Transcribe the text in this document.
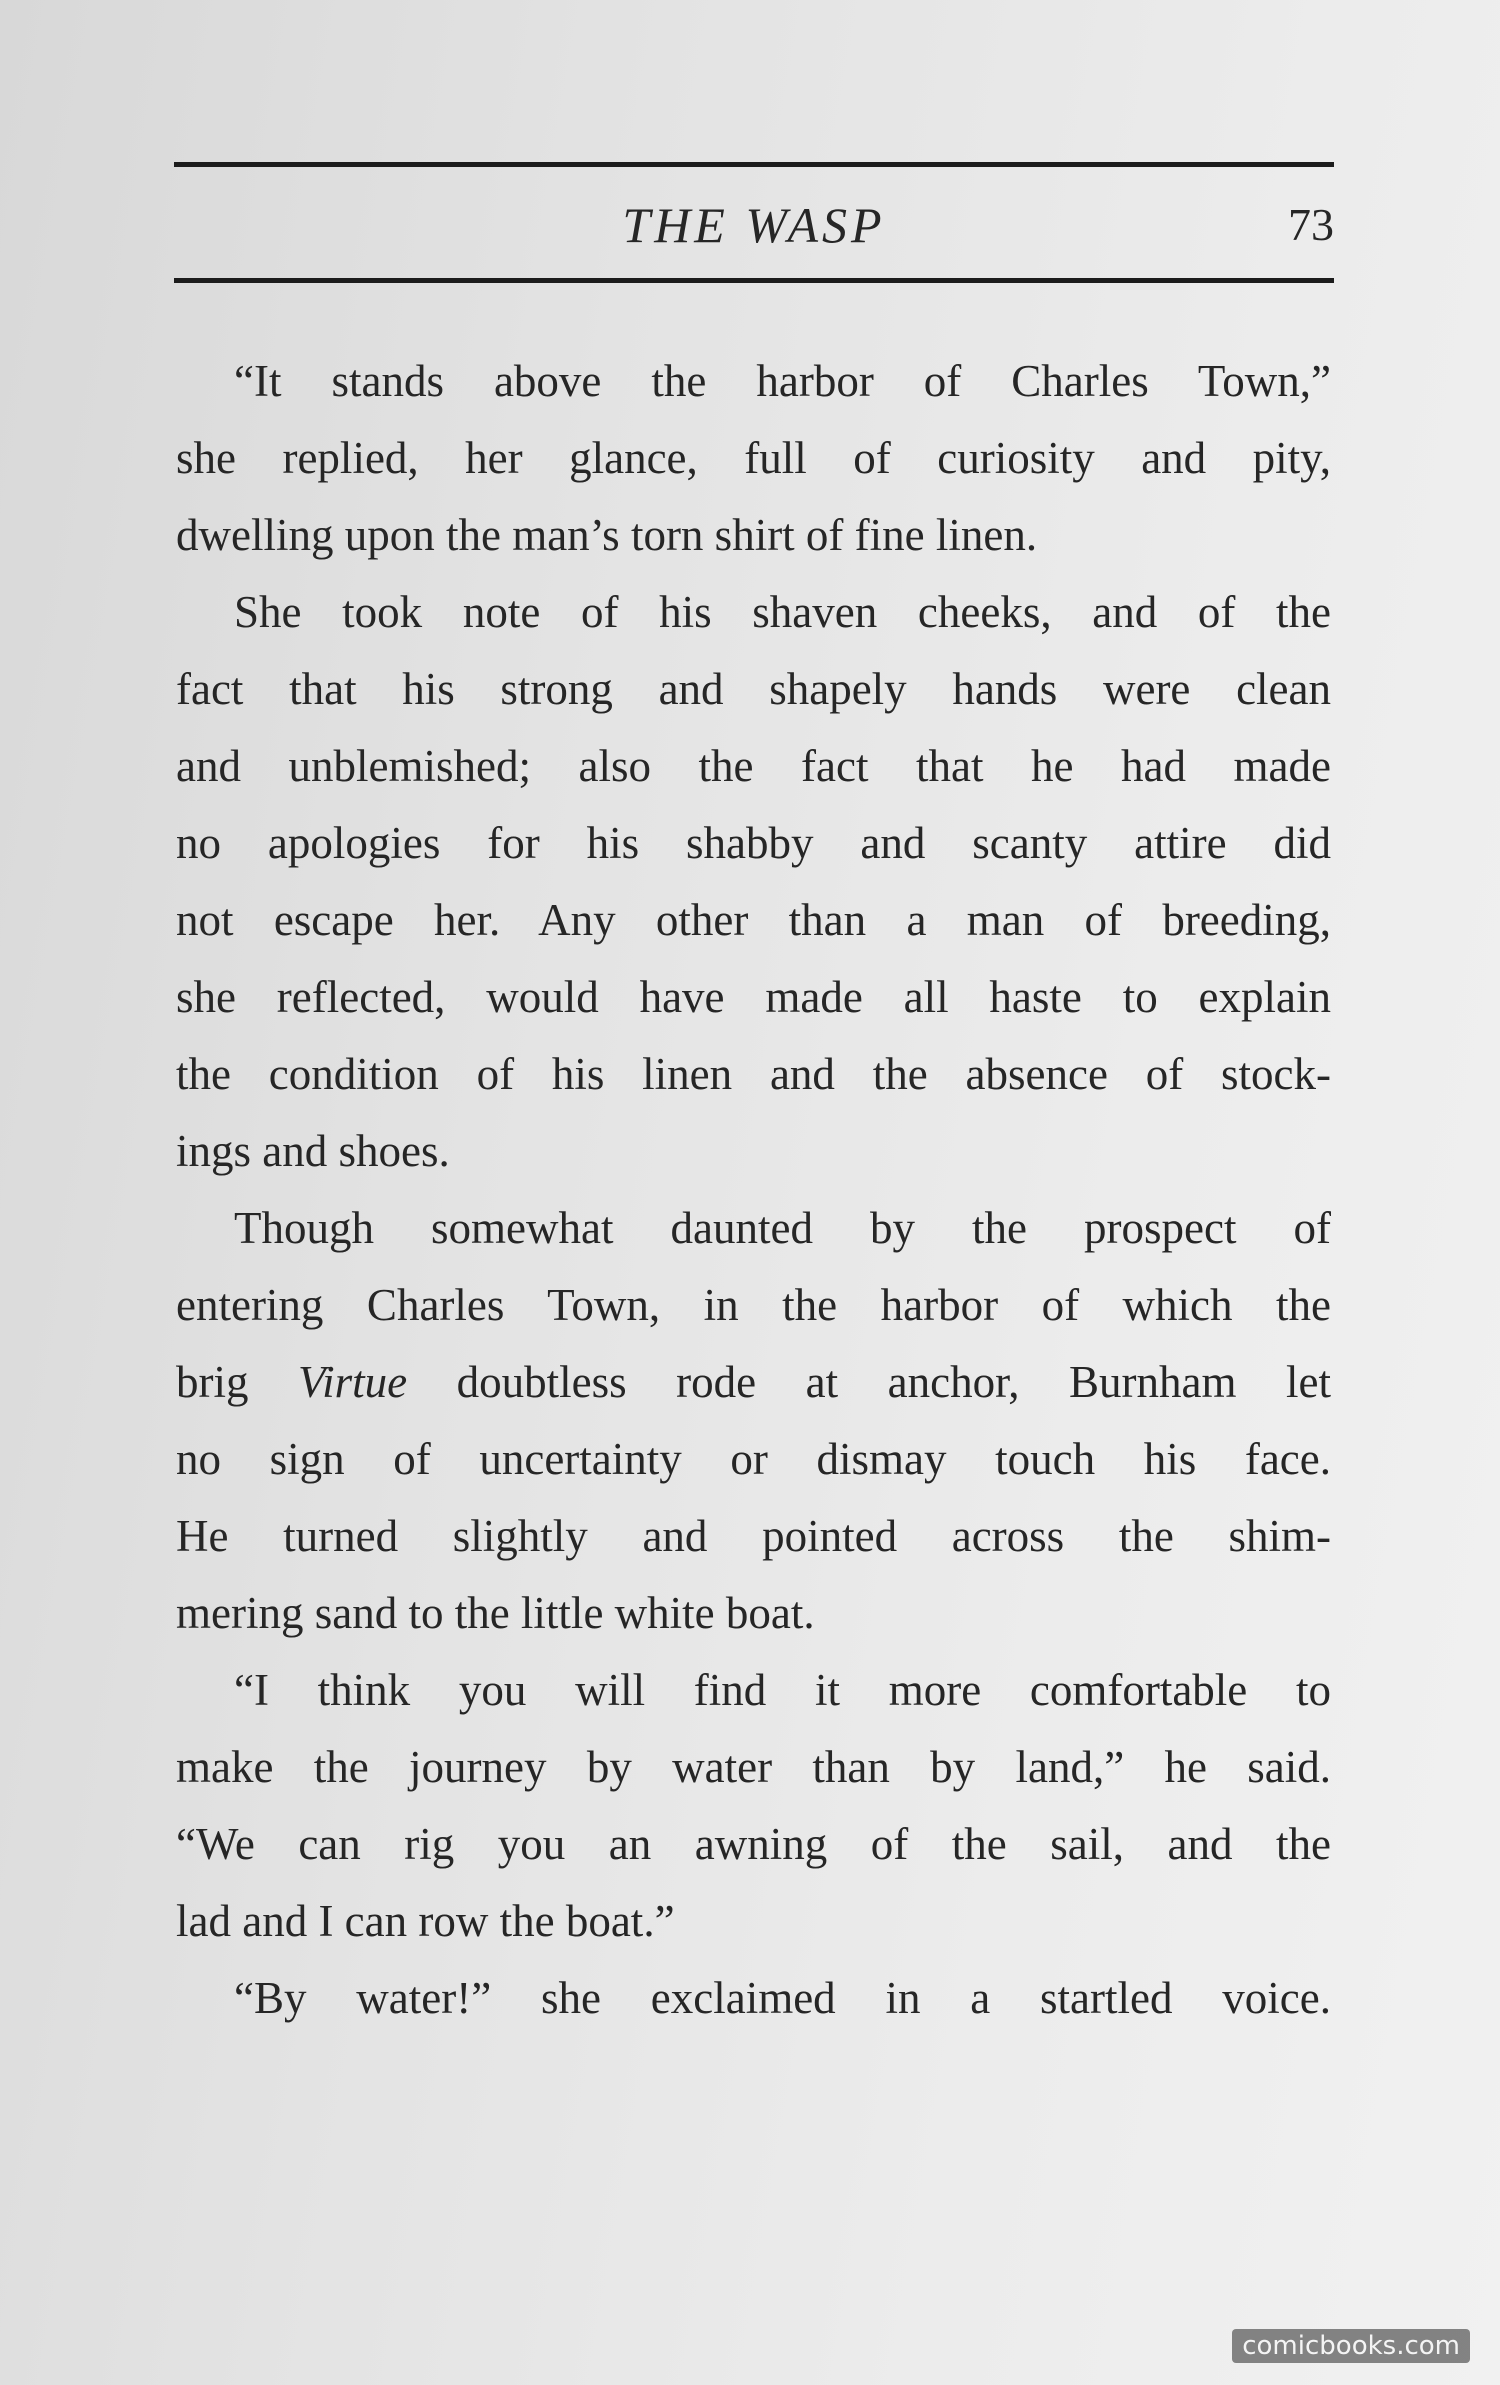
THE WASP	73
“It stands above the harbor of Charles Town,”
she replied, her glance, full of curiosity and pity,
dwelling upon the man’s torn shirt of fine linen.
She took note of his shaven cheeks, and of the
fact that his strong and shapely hands were clean
and unblemished; also the fact that he had made
no apologies for his shabby and scanty attire did
not escape her. Any other than a man of breeding,
she reflected, would have made all haste to explain
the condition of his linen and the absence of stock-
ings and shoes.
Though somewhat daunted by the prospect of
entering Charles Town, in the harbor of which the
brig Virtue doubtless rode at anchor, Burnham let
no sign of uncertainty or dismay touch his face.
He turned slightly and pointed across the shim-
mering sand to the little white boat.
“I think you will find it more comfortable to
make the journey by water than by land,” he said.
“We can rig you an awning of the sail, and the
lad and I can row the boat.”
“By water!” she exclaimed in a startled voice.
comicbooks.com
